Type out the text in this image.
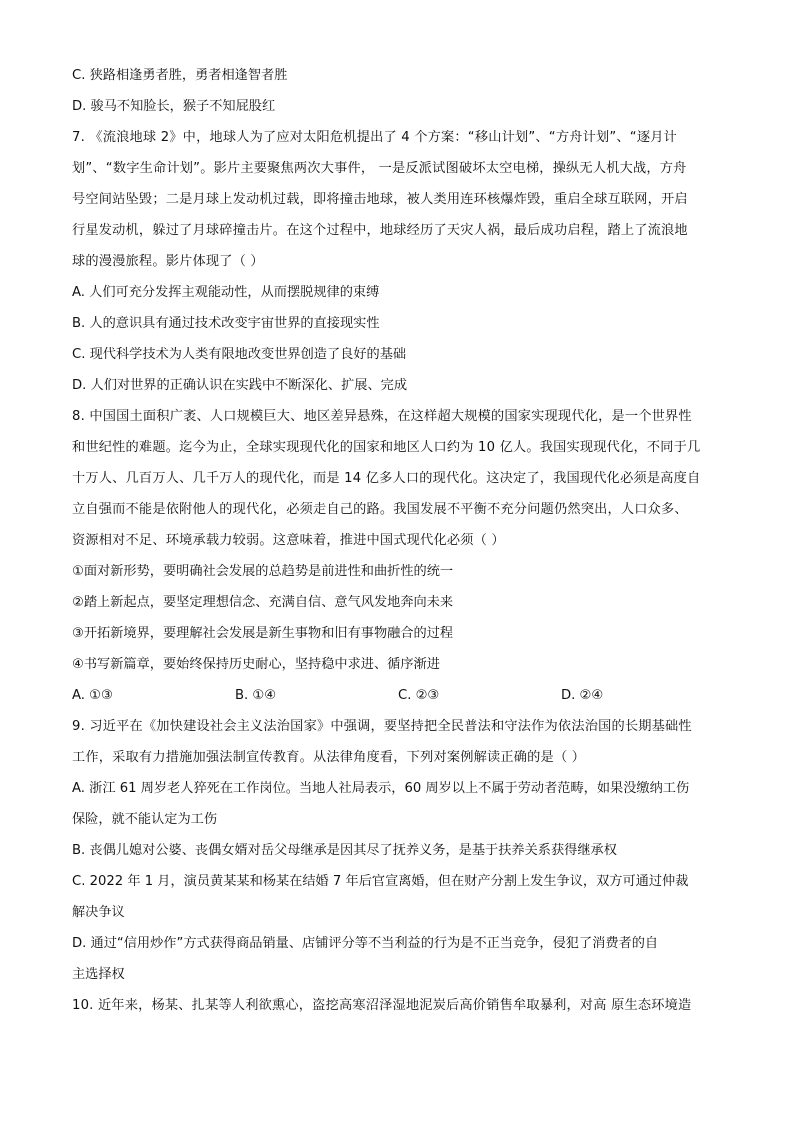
C. 狭路相逢勇者胜，勇者相逢智者胜
D. 骏马不知脸长，猴子不知屁股红
7. 《流浪地球 2》中，地球人为了应对太阳危机提出了 4 个方案：“移山计划”、“方舟计划”、“逐月计
划”、“数字生命计划”。影片主要聚焦两次大事件， 一是反派试图破坏太空电梯，操纵无人机大战，方舟
号空间站坠毁；二是月球上发动机过载，即将撞击地球，被人类用连环核爆炸毁，重启全球互联网，开启
行星发动机，躲过了月球碎撞击片。在这个过程中，地球经历了天灾人祸，最后成功启程，踏上了流浪地
球的漫漫旅程。影片体现了（ ）
A. 人们可充分发挥主观能动性，从而摆脱规律的束缚
B. 人的意识具有通过技术改变宇宙世界的直接现实性
C. 现代科学技术为人类有限地改变世界创造了良好的基础
D. 人们对世界的正确认识在实践中不断深化、扩展、完成
8. 中国国土面积广袤、人口规模巨大、地区差异悬殊，在这样超大规模的国家实现现代化，是一个世界性
和世纪性的难题。迄今为止，全球实现现代化的国家和地区人口约为 10 亿人。我国实现现代化，不同于几
十万人、几百万人、几千万人的现代化，而是 14 亿多人口的现代化。这决定了，我国现代化必须是高度自
立自强而不能是依附他人的现代化，必须走自己的路。我国发展不平衡不充分问题仍然突出，人口众多、
资源相对不足、环境承载力较弱。这意味着，推进中国式现代化必须（ ）
①面对新形势，要明确社会发展的总趋势是前进性和曲折性的统一
②踏上新起点，要坚定理想信念、充满自信、意气风发地奔向未来
③开拓新境界，要理解社会发展是新生事物和旧有事物融合的过程
④书写新篇章，要始终保持历史耐心，坚持稳中求进、循序渐进
A. ①③	B. ①④	C. ②③	D. ②④
9. 习近平在《加快建设社会主义法治国家》中强调，要坚持把全民普法和守法作为依法治国的长期基础性
工作，采取有力措施加强法制宣传教育。从法律角度看，下列对案例解读正确的是（ ）
A. 浙江 61 周岁老人猝死在工作岗位。当地人社局表示，60 周岁以上不属于劳动者范畴，如果没缴纳工伤
保险，就不能认定为工伤
B. 丧偶儿媳对公婆、丧偶女婿对岳父母继承是因其尽了抚养义务，是基于扶养关系获得继承权
C. 2022 年 1 月，演员黄某某和杨某在结婚 7 年后官宣离婚，但在财产分割上发生争议，双方可通过仲裁
解决争议
D. 通过“信用炒作”方式获得商品销量、店铺评分等不当利益的行为是不正当竞争，侵犯了消费者的自
主选择权
10. 近年来，杨某、扎某等人利欲熏心，盗挖高寒沼泽湿地泥炭后高价销售牟取暴利，对高 原生态环境造
